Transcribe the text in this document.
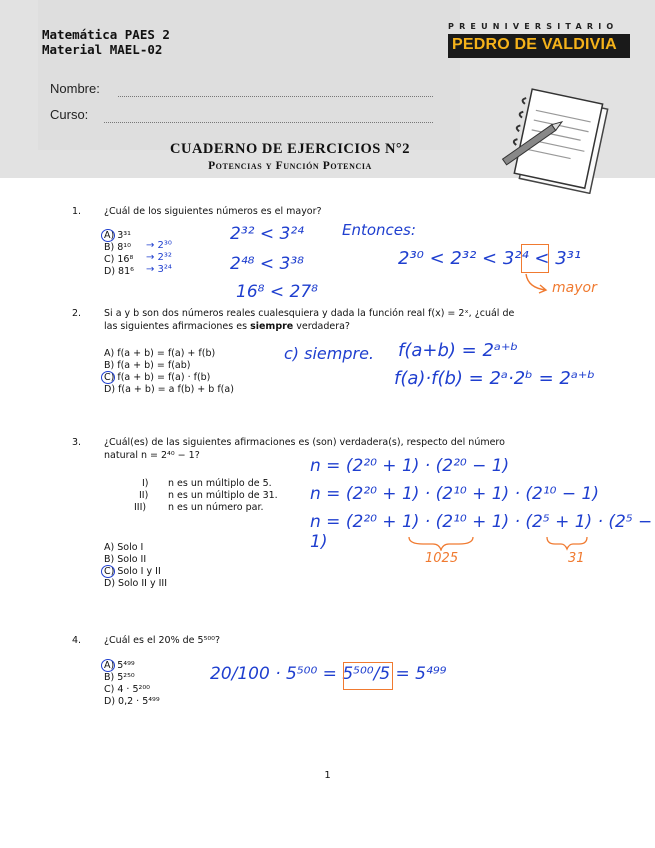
Matemática PAES 2
Material MAEL-02
PREUNIVERSITARIO
PEDRO DE VALDIVIA
Nombre:
Curso:
CUADERNO DE EJERCICIOS N°2
Potencias y Función Potencia
1. ¿Cuál de los siguientes números es el mayor?
A) 3³¹
B) 8¹⁰
C) 16⁸
D) 81⁶
→ 2³⁰
→ 2³²
→ 3²⁴
2³² < 3²⁴
2⁴⁸ < 3³⁸
16⁸ < 27⁸
Entonces:
2³⁰ < 2³² < 3²⁴ < 3³¹
mayor
2. Si a y b son dos números reales cualesquiera y dada la función real f(x) = 2ˣ, ¿cuál de
las siguientes afirmaciones es siempre verdadera?
A) f(a + b) = f(a) + f(b)
B) f(a + b) = f(ab)
C) f(a + b) = f(a) · f(b)
D) f(a + b) = a f(b) + b f(a)
c) siempre. f(a+b) = 2ᵃ⁺ᵇ
f(a)·f(b) = 2ᵃ·2ᵇ = 2ᵃ⁺ᵇ
3. ¿Cuál(es) de las siguientes afirmaciones es (son) verdadera(s), respecto del número
natural n = 2⁴⁰ − 1?
I) n es un múltiplo de 5.
II) n es un múltiplo de 31.
III) n es un número par.
A) Solo I
B) Solo II
C) Solo I y II
D) Solo II y III
n = (2²⁰ + 1) · (2²⁰ − 1)
n = (2²⁰ + 1) · (2¹⁰ + 1) · (2¹⁰ − 1)
n = (2²⁰ + 1) · (2¹⁰ + 1) · (2⁵ + 1) · (2⁵ − 1)
1025	31
4. ¿Cuál es el 20% de 5⁵⁰⁰?
A) 5⁴⁹⁹
B) 5²⁵⁰
C) 4 · 5²⁰⁰
D) 0,2 · 5⁴⁹⁹
20/100 · 5⁵⁰⁰ = 5⁵⁰⁰/5 = 5⁴⁹⁹
1
